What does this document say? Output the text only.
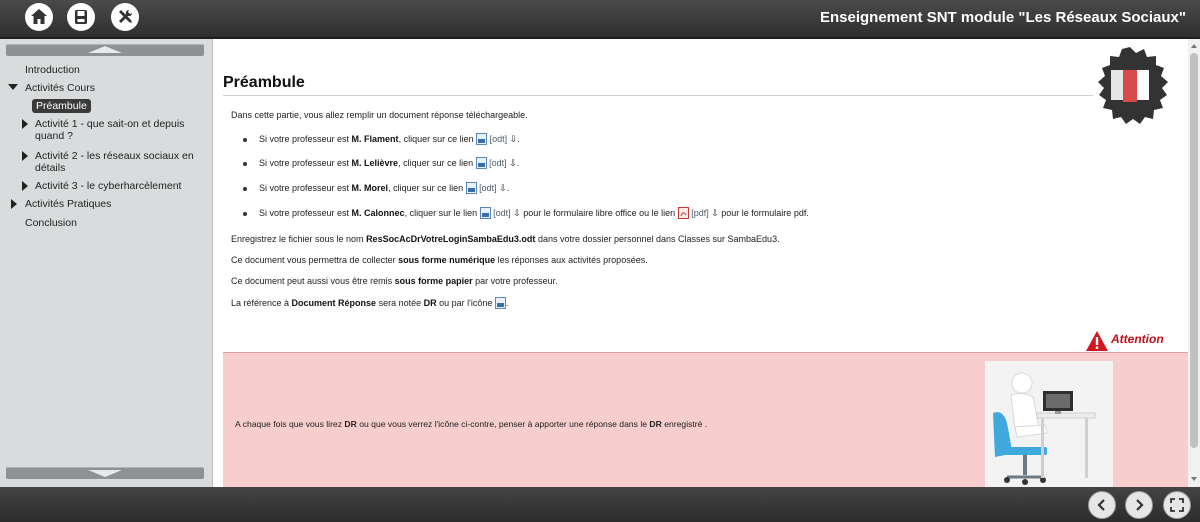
Enseignement SNT module "Les Réseaux Sociaux"
Introduction
Activités Cours
Préambule
Activité 1 - que sait-on et depuis quand ?
Activité 2 - les réseaux sociaux en détails
Activité 3 - le cyberharcèlement
Activités Pratiques
Conclusion
Préambule
Dans cette partie, vous allez remplir un document réponse téléchargeable.
Si votre professeur est M. Flament, cliquer sur ce lien [odt] ⇩.
Si votre professeur est M. Lelièvre, cliquer sur ce lien [odt] ⇩.
Si votre professeur est M. Morel, cliquer sur ce lien [odt] ⇩.
Si votre professeur est M. Calonnec, cliquer sur le lien [odt] ⇩ pour le formulaire libre office ou le lien [pdf] ⇩ pour le formulaire pdf.
Enregistrez le fichier sous le nom ResSocAcDrVotreLoginSambaEdu3.odt dans votre dossier personnel dans Classes sur SambaEdu3.
Ce document vous permettra de collecter sous forme numérique les réponses aux activités proposées.
Ce document peut aussi vous être remis sous forme papier par votre professeur.
La référence à Document Réponse sera notée DR ou par l'icône .
Attention
A chaque fois que vous lirez DR ou que vous verrez l'icône ci-contre, penser à apporter une réponse dans le DR enregistré .
